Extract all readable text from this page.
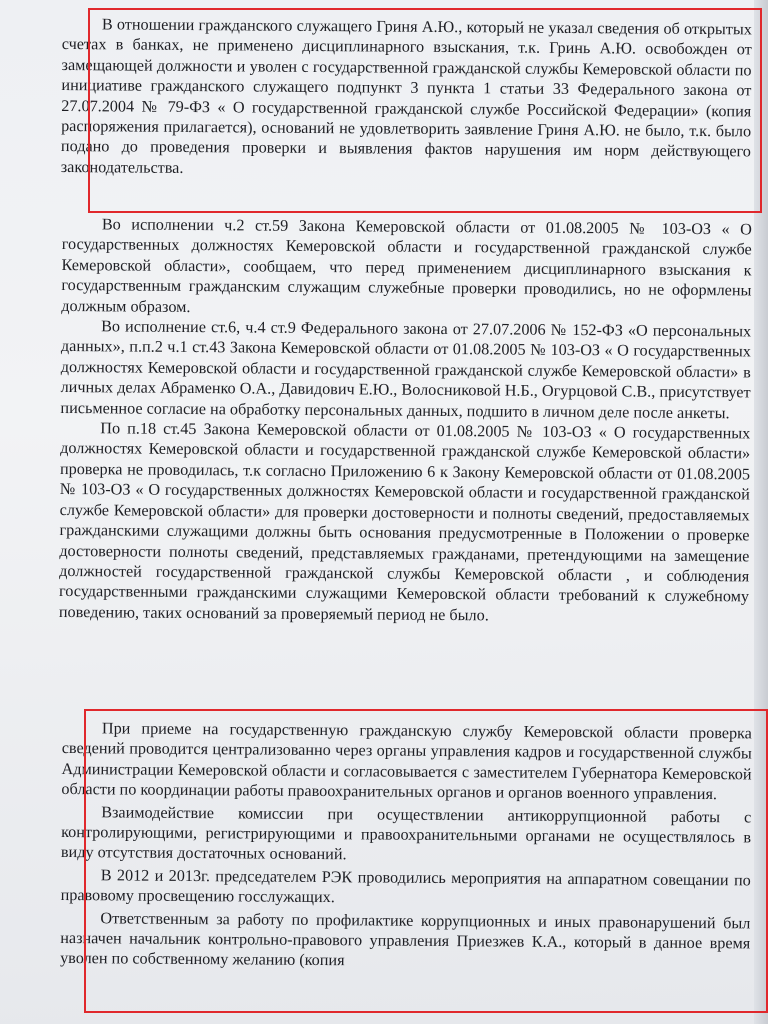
В отношении гражданского служащего Гриня А.Ю., который не указал сведения об открытых счетах в банках, не применено дисциплинарного взыскания, т.к. Гринь А.Ю. освобожден от замещающей должности и уволен с государственной гражданской службы Кемеровской области по инициативе гражданского служащего подпункт 3 пункта 1 статьи 33 Федерального закона от 27.07.2004 № 79-ФЗ « О государственной гражданской службе Российской Федерации» (копия распоряжения прилагается), оснований не удовлетворить заявление Гриня А.Ю. не было, т.к. было подано до проведения проверки и выявления фактов нарушения им норм действующего законодательства.

Во исполнении ч.2 ст.59 Закона Кемеровской области от 01.08.2005 № 103-ОЗ « О государственных должностях Кемеровской области и государственной гражданской службе Кемеровской области», сообщаем, что перед применением дисциплинарного взыскания к государственным гражданским служащим служебные проверки проводились, но не оформлены должным образом.

Во исполнение ст.6, ч.4 ст.9 Федерального закона от 27.07.2006 № 152-ФЗ «О персональных данных», п.п.2 ч.1 ст.43 Закона Кемеровской области от 01.08.2005 № 103-ОЗ « О государственных должностях Кемеровской области и государственной гражданской службе Кемеровской области» в личных делах Абраменко О.А., Давидович Е.Ю., Волосниковой Н.Б., Огурцовой С.В., присутствует письменное согласие на обработку персональных данных, подшито в личном деле после анкеты.

По п.18 ст.45 Закона Кемеровской области от 01.08.2005 № 103-ОЗ « О государственных должностях Кемеровской области и государственной гражданской службе Кемеровской области» проверка не проводилась, т.к согласно Приложению 6 к Закону Кемеровской области от 01.08.2005 № 103-ОЗ « О государственных должностях Кемеровской области и государственной гражданской службе Кемеровской области» для проверки достоверности и полноты сведений, предоставляемых гражданскими служащими должны быть основания предусмотренные в Положении о проверке достоверности полноты сведений, представляемых гражданами, претендующими на замещение должностей государственной гражданской службы Кемеровской области , и соблюдения государственными гражданскими служащими Кемеровской области требований к служебному поведению, таких оснований за проверяемый период не было.

При приеме на государственную гражданскую службу Кемеровской области проверка сведений проводится централизованно через органы управления кадров и государственной службы Администрации Кемеровской области и согласовывается с заместителем Губернатора Кемеровской области по координации работы правоохранительных органов и органов военного управления.

Взаимодействие комиссии при осуществлении антикоррупционной работы с контролирующими, регистрирующими и правоохранительными органами не осуществлялось в виду отсутствия достаточных оснований.

В 2012 и 2013г. председателем РЭК проводились мероприятия на аппаратном совещании по правовому просвещению госслужащих.

Ответственным за работу по профилактике коррупционных и иных правонарушений был назначен начальник контрольно-правового управления Приезжев К.А., который в данное время уволен по собственному желанию (копия
